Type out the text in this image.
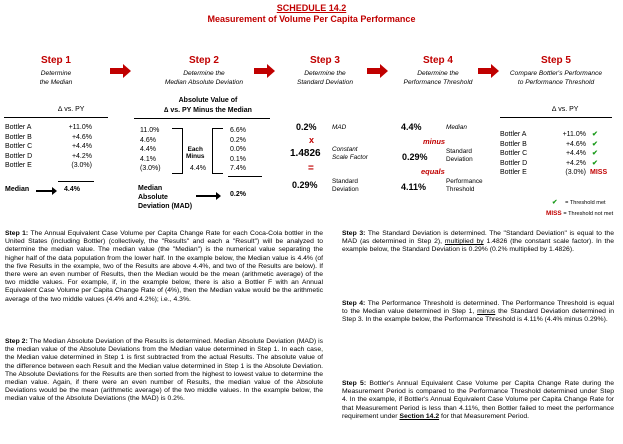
SCHEDULE 14.2
Measurement of Volume Per Capita Performance
Step 1
Determine
the Median
Step 2
Determine the
Median Absolute Deviation
Step 3
Determine the
Standard Deviation
Step 4
Determine the
Performance Threshold
Step 5
Compare Bottler's Performance
to Performance Threshold
∆ vs. PY
Bottler A
Bottler B
Bottler C
Bottler D
Bottler E
+11.0%
+4.6%
+4.4%
+4.2%
(3.0%)
Median	4.4%
Absolute Value of
∆ vs. PY Minus the Median
11.0%
4.6%
4.4%
4.1%
(3.0%)
Each
Minus
4.4%
6.6%
0.2%
0.0%
0.1%
7.4%
Median
Absolute
Deviation (MAD)
0.2%
0.2% MAD
x
1.4826 Constant
Scale Factor
=
0.29% Standard
Deviation
4.4%	Median
minus
0.29%
Standard
Deviation
equals
4.11%
Performance
Threshold
∆ vs. PY
Bottler A
Bottler B
Bottler C
Bottler D
Bottler E
+11.0%
+4.6%
+4.4%
+4.2%
(3.0%)
✔
✔
✔
✔
MISS
✔ = Threshold met
MISS = Threshold not met
Step 1: The Annual Equivalent Case Volume per Capita Change Rate for each Coca-Cola bottler in the United States (including Bottler) (collectively, the "Results" and each a "Result") will be analyzed to determine the median value. The median value (the "Median") is the numerical value separating the higher half of the data population from the lower half. In the example below, the Median value is 4.4% (of the five Results in the example, two of the Results are above 4.4%, and two of the Results are below). If there were an even number of Results, then the Median would be the mean (arithmetic average) of the two middle values. For example, if, in the example below, there is also a Bottler F with an Annual Equivalent Case Volume per Capita Change Rate of (4%), then the Median value would be the arithmetic average of the two middle values (4.4% and 4.2%); i.e., 4.3%.
Step 2: The Median Absolute Deviation of the Results is determined. Median Absolute Deviation (MAD) is the median value of the Absolute Deviations from the Median value determined in Step 1. In each case, the Median value determined in Step 1 is first subtracted from the actual Results. The absolute value of the difference between each Result and the Median value determined in Step 1 is the Absolute Deviation. The Absolute Deviations for the Results are then sorted from the highest to lowest value to determine the median value. Again, if there were an even number of Results, the median value of the Absolute Deviations would be the mean (arithmetic average) of the two middle values. In the example below, the median value of the Absolute Deviations (the MAD) is 0.2%.
Step 3: The Standard Deviation is determined. The "Standard Deviation" is equal to the MAD (as determined in Step 2), multiplied by 1.4826 (the constant scale factor). In the example below, the Standard Deviation is 0.29% (0.2% multiplied by 1.4826).
Step 4: The Performance Threshold is determined. The Performance Threshold is equal to the Median value determined in Step 1, minus the Standard Deviation determined in Step 3. In the example below, the Performance Threshold is 4.11% (4.4% minus 0.29%).
Step 5: Bottler's Annual Equivalent Case Volume per Capita Change Rate during the Measurement Period is compared to the Performance Threshold determined under Step 4. In the example, if Bottler's Annual Equivalent Case Volume per Capita Change Rate for that Measurement Period is less than 4.11%, then Bottler failed to meet the performance requirement under Section 14.2 for that Measurement Period.
